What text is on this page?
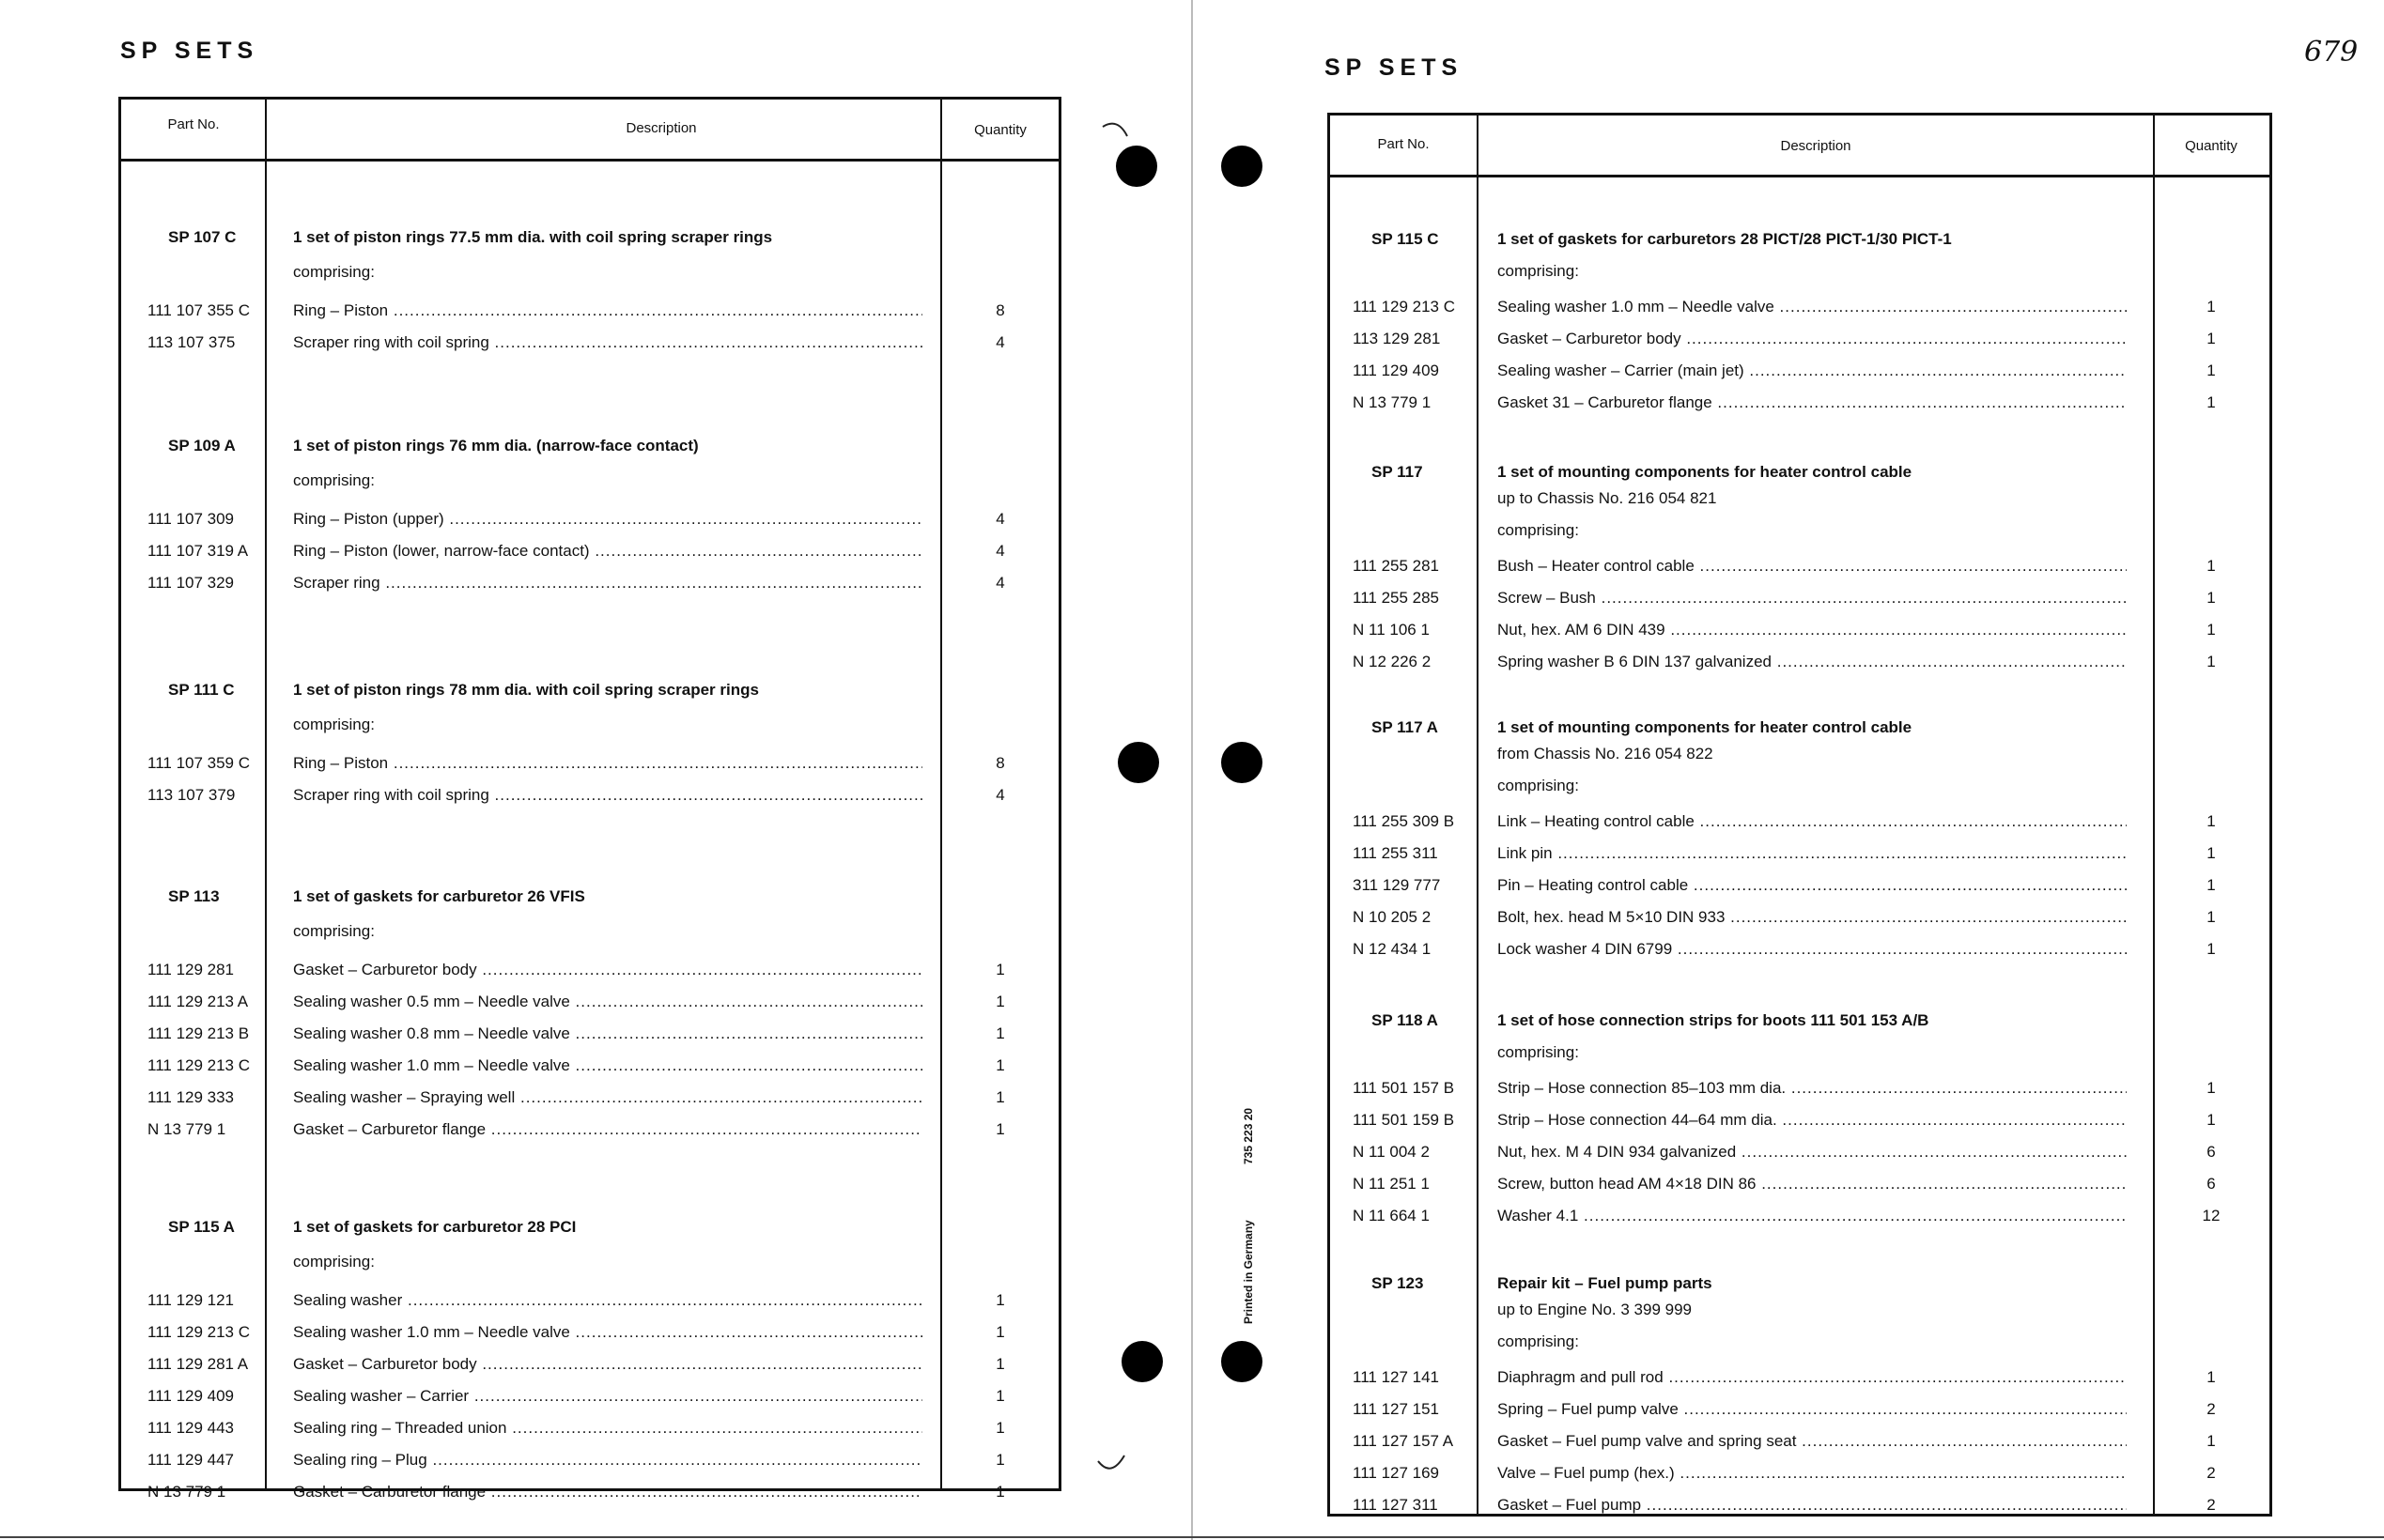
SP SETS
Part No.	Description	Quantity
SP 107 C	1 set of piston rings 77.5 mm dia. with coil spring scraper rings
comprising:
111 107 355 C	Ring – Piston .....	8
113 107 375	Scraper ring with coil spring .....	4
SP 109 A	1 set of piston rings 76 mm dia. (narrow-face contact)
comprising:
111 107 309	Ring – Piston (upper) .....	4
111 107 319 A	Ring – Piston (lower, narrow-face contact) .....	4
111 107 329	Scraper ring .....	4
SP 111 C	1 set of piston rings 78 mm dia. with coil spring scraper rings
comprising:
111 107 359 C	Ring – Piston .....	8
113 107 379	Scraper ring with coil spring .....	4
SP 113	1 set of gaskets for carburetor 26 VFIS
comprising:
111 129 281	Gasket – Carburetor body .....	1
111 129 213 A	Sealing washer 0.5 mm – Needle valve .....	1
111 129 213 B	Sealing washer 0.8 mm – Needle valve .....	1
111 129 213 C	Sealing washer 1.0 mm – Needle valve .....	1
111 129 333	Sealing washer – Spraying well .....	1
N 13 779 1	Gasket – Carburetor flange .....	1
SP 115 A	1 set of gaskets for carburetor 28 PCI
comprising:
111 129 121	Sealing washer .....	1
111 129 213 C	Sealing washer 1.0 mm – Needle valve .....	1
111 129 281 A	Gasket – Carburetor body .....	1
111 129 409	Sealing washer – Carrier .....	1
111 129 443	Sealing ring – Threaded union .....	1
111 129 447	Sealing ring – Plug .....	1
N 13 779 1	Gasket – Carburetor flange .....	1
SP SETS	679
Part No.	Description	Quantity
SP 115 C	1 set of gaskets for carburetors 28 PICT/28 PICT-1/30 PICT-1
comprising:
111 129 213 C	Sealing washer 1.0 mm – Needle valve .....	1
113 129 281	Gasket – Carburetor body .....	1
111 129 409	Sealing washer – Carrier (main jet) .....	1
N 13 779 1	Gasket 31 – Carburetor flange .....	1
SP 117	1 set of mounting components for heater control cable
up to Chassis No. 216 054 821
comprising:
111 255 281	Bush – Heater control cable .....	1
111 255 285	Screw – Bush .....	1
N 11 106 1	Nut, hex. AM 6 DIN 439 .....	1
N 12 226 2	Spring washer B 6 DIN 137 galvanized .....	1
SP 117 A	1 set of mounting components for heater control cable
from Chassis No. 216 054 822
comprising:
111 255 309 B	Link – Heating control cable .....	1
111 255 311	Link pin .....	1
311 129 777	Pin – Heating control cable .....	1
N 10 205 2	Bolt, hex. head M 5×10 DIN 933 .....	1
N 12 434 1	Lock washer 4 DIN 6799 .....	1
SP 118 A	1 set of hose connection strips for boots 111 501 153 A/B
comprising:
111 501 157 B	Strip – Hose connection 85–103 mm dia. .....	1
111 501 159 B	Strip – Hose connection 44–64 mm dia. .....	1
N 11 004 2	Nut, hex. M 4 DIN 934 galvanized .....	6
N 11 251 1	Screw, button head AM 4×18 DIN 86 .....	6
N 11 664 1	Washer 4.1 .....	12
SP 123	Repair kit – Fuel pump parts
up to Engine No. 3 399 999
comprising:
111 127 141	Diaphragm and pull rod .....	1
111 127 151	Spring – Fuel pump valve .....	2
111 127 157 A	Gasket – Fuel pump valve and spring seat .....	1
111 127 169	Valve – Fuel pump (hex.) .....	2
111 127 311	Gasket – Fuel pump .....	2
Printed in Germany
735 223 20
